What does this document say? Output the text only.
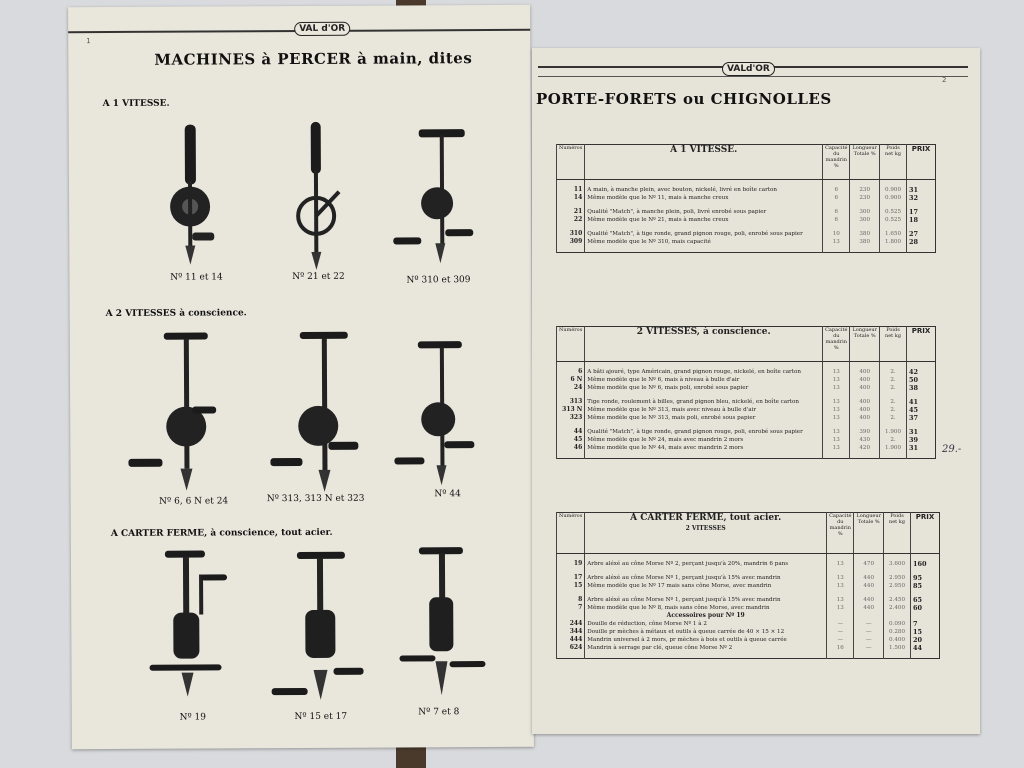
VAL d'OR
1
MACHINES à PERCER à main, dites
A 1 VITESSE.
A 2 VITESSES à conscience.
A CARTER FERME, à conscience, tout acier.
Nº 11 et 14	Nº 21 et 22	Nº 310 et 309
Nº 6, 6 N et 24	Nº 313, 313 N et 323	Nº 44
Nº 19	Nº 15 et 17	Nº 7 et 8
VALd'OR
2
PORTE-FORETS ou CHIGNOLLES
Numéros	A 1 VITESSE.	Capacité du mandrin %	Longueur Totale %	Poids net kg	PRIX

11	A main, à manche plein, avec bouton, nickelé, livré en boîte carton	6	230	0.900	31
14	Même modèle que le Nº 11, mais à manche creux	6	230	0.900	32

21	Qualité "Match", à manche plein, poli, livré enrobé sous papier	6	300	0.525	17
22	Même modèle que le Nº 21, mais à manche creux	6	300	0.525	18

310	Qualité "Match", à tige ronde, grand pignon rouge, poli, enrobé sous papier	10	380	1.650	27
309	Même modèle que le Nº 310, mais capacité	13	380	1.800	28

Numéros	2 VITESSES, à conscience.	Capacité du mandrin %	Longueur Totale %	Poids net kg	PRIX

6	A bâti ajouré, type Américain, grand pignon rouge, nickelé, en boîte carton	13	400	2.	42
6 N	Même modèle que le Nº 6, mais à niveau à bulle d'air	13	400	2.	50
24	Même modèle que le Nº 6, mais poli, enrobé sous papier	13	400	2.	38

313	Tige ronde, roulement à billes, grand pignon bleu, nickelé, en boîte carton	13	400	2.	41
313 N	Même modèle que le Nº 313, mais avec niveau à bulle d'air	13	400	2.	45
323	Même modèle que le Nº 313, mais poli, enrobé sous papier	13	400	2.	37

44	Qualité "Match", à tige ronde, grand pignon rouge, poli, enrobé sous papier	13	390	1.900	31
45	Même modèle que le Nº 24, mais avec mandrin 2 mors	13	430	2.	39
46	Même modèle que le Nº 44, mais avec mandrin 2 mors	13	420	1.900	31

Numéros	A CARTER FERME, tout acier.
2 VITESSES	Capacité du mandrin %	Longueur Totale %	Poids net kg	PRIX

19	Arbre aléxé au cône Morse Nº 2, perçant jusqu'à 20%, mandrin 6 pans	13	470	3.600	160

17	Arbre aléxé au cône Morse Nº 1, perçant jusqu'à 15% avec mandrin	13	440	2.950	95
15	Même modèle que le Nº 17 mais sans cône Morse, avec mandrin	13	440	2.950	85

8	Arbre aléxé au cône Morse Nº 1, perçant jusqu'à 15% avec mandrin	13	440	2.450	65
7	Même modèle que le Nº 8, mais sans cône Morse, avec mandrin	13	440	2.400	60
	Accessoires pour Nº 19				
244	Douille de réduction, cône Morse Nº 1 à 2	—	—	0.090	7
344	Douille pr mèches à métaux et outils à queue carrée de 40 × 15 × 12	—	—	0.280	15
444	Mandrin universel à 2 mors, pr mèches à bois et outils à queue carrée	—	—	0.400	20
624	Mandrin à serrage par clé, queue cône Morse Nº 2	16	—	1.500	44

29.-
